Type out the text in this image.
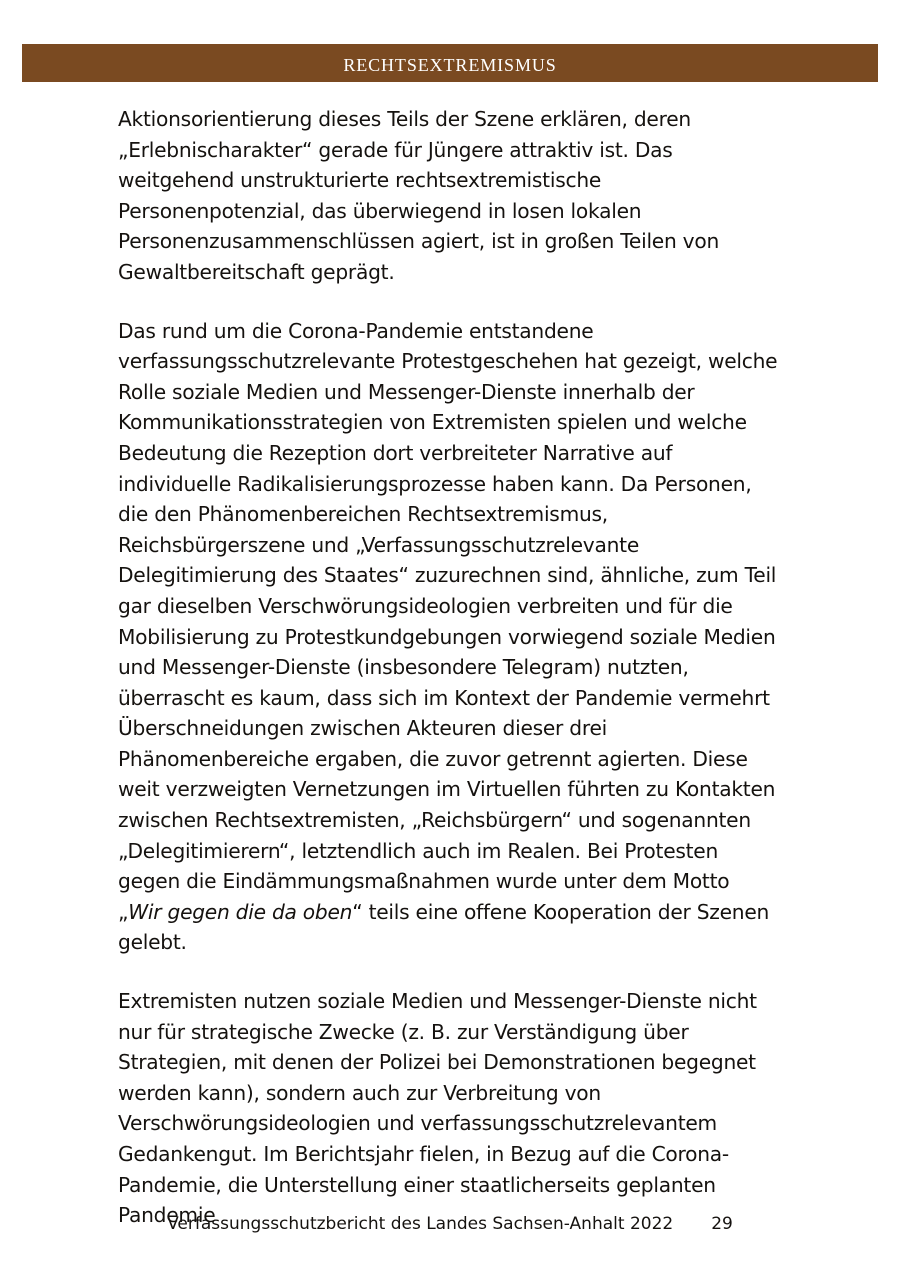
rechtsextremismus

Aktionsorientierung dieses Teils der Szene erklären, deren „Erlebnischarakter“ gerade für Jüngere attraktiv ist. Das weitgehend unstrukturierte rechtsextremistische Personenpotenzial, das überwiegend in losen lokalen Personenzusammenschlüssen agiert, ist in großen Teilen von Gewaltbereitschaft geprägt.

Das rund um die Corona-Pandemie entstandene verfassungsschutzrelevante Protestgeschehen hat gezeigt, welche Rolle soziale Medien und Messenger-Dienste innerhalb der Kommunikationsstrategien von Extremisten spielen und welche Bedeutung die Rezeption dort verbreiteter Narrative auf individuelle Radikalisierungsprozesse haben kann. Da Personen, die den Phänomenbereichen Rechtsextremismus, Reichsbürgerszene und „Verfassungsschutzrelevante Delegitimierung des Staates“ zuzurechnen sind, ähnliche, zum Teil gar dieselben Verschwörungsideologien verbreiten und für die Mobilisierung zu Protestkundgebungen vorwiegend soziale Medien und Messenger-Dienste (insbesondere Telegram) nutzten, überrascht es kaum, dass sich im Kontext der Pandemie vermehrt Überschneidungen zwischen Akteuren dieser drei Phänomenbereiche ergaben, die zuvor getrennt agierten. Diese weit verzweigten Vernetzungen im Virtuellen führten zu Kontakten zwischen Rechtsextremisten, „Reichsbürgern“ und sogenannten „Delegitimierern“, letztendlich auch im Realen. Bei Protesten gegen die Eindämmungsmaßnahmen wurde unter dem Motto „Wir gegen die da oben“ teils eine offene Kooperation der Szenen gelebt.

Extremisten nutzen soziale Medien und Messenger-Dienste nicht nur für strategische Zwecke (z. B. zur Verständigung über Strategien, mit denen der Polizei bei Demonstrationen begegnet werden kann), sondern auch zur Verbreitung von Verschwörungsideologien und verfassungsschutzrelevantem Gedankengut. Im Berichtsjahr fielen, in Bezug auf die Corona-Pandemie, die Unterstellung einer staatlicherseits geplanten Pandemie

Verfassungsschutzbericht des Landes Sachsen-Anhalt 2022 29
